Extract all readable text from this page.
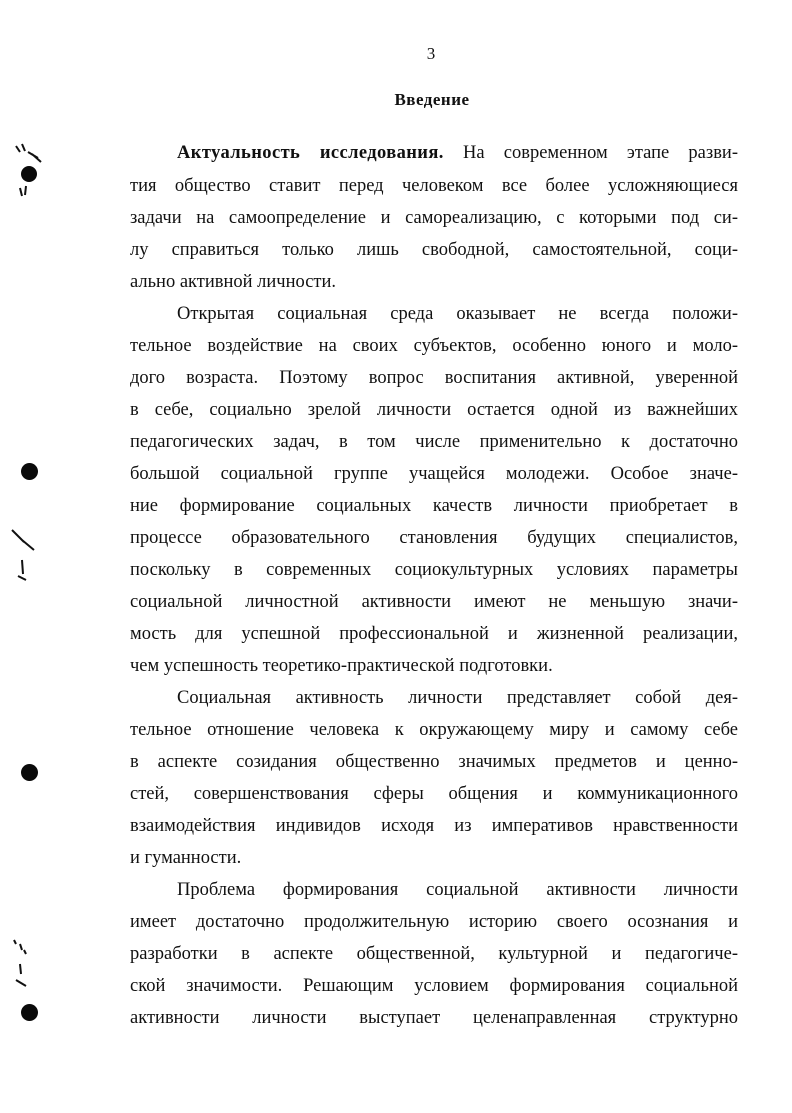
3
Введение
Актуальность исследования. На современном этапе разви-
тия общество ставит перед человеком все более усложняющиеся
задачи на самоопределение и самореализацию, с которыми под си-
лу справиться только лишь свободной, самостоятельной, соци-
ально активной личности.
Открытая социальная среда оказывает не всегда положи-
тельное воздействие на своих субъектов, особенно юного и моло-
дого возраста. Поэтому вопрос воспитания активной, уверенной
в себе, социально зрелой личности остается одной из важнейших
педагогических задач, в том числе применительно к достаточно
большой социальной группе учащейся молодежи. Особое значе-
ние формирование социальных качеств личности приобретает в
процессе образовательного становления будущих специалистов,
поскольку в современных социокультурных условиях параметры
социальной личностной активности имеют не меньшую значи-
мость для успешной профессиональной и жизненной реализации,
чем успешность теоретико-практической подготовки.
Социальная активность личности представляет собой дея-
тельное отношение человека к окружающему миру и самому себе
в аспекте созидания общественно значимых предметов и ценно-
стей, совершенствования сферы общения и коммуникационного
взаимодействия индивидов исходя из императивов нравственности
и гуманности.
Проблема формирования социальной активности личности
имеет достаточно продолжительную историю своего осознания и
разработки в аспекте общественной, культурной и педагогиче-
ской значимости. Решающим условием формирования социальной
активности личности выступает целенаправленная структурно
